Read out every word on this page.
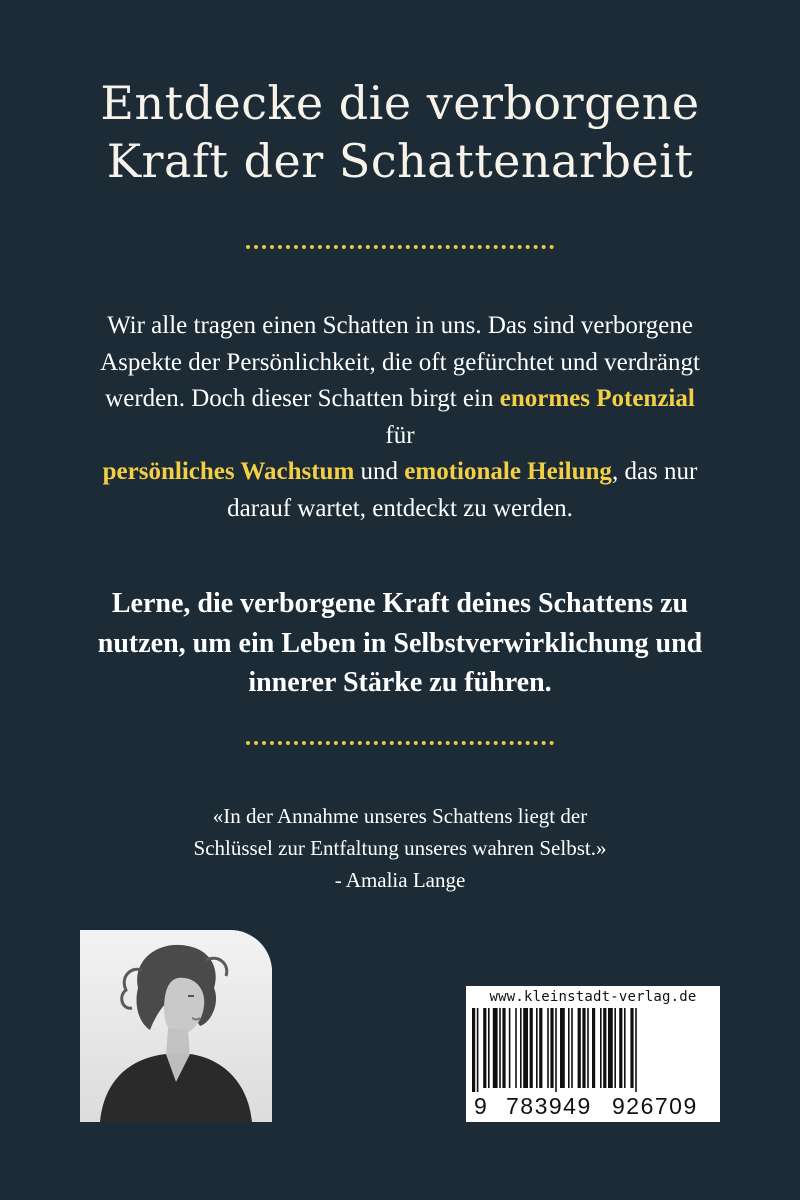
Entdecke die verborgene
Kraft der Schattenarbeit

Wir alle tragen einen Schatten in uns. Das sind verborgene Aspekte der Persönlichkeit, die oft gefürchtet und verdrängt werden. Doch dieser Schatten birgt ein enormes Potenzial für
persönliches Wachstum und emotionale Heilung, das nur darauf wartet, entdeckt zu werden.

Lerne, die verborgene Kraft deines Schattens zu nutzen, um ein Leben in Selbstverwirklichung und innerer Stärke zu führen.

«In der Annahme unseres Schattens liegt der
Schlüssel zur Entfaltung unseres wahren Selbst.»
- Amalia Lange

www.kleinstadt-verlag.de
9 783949 926709
